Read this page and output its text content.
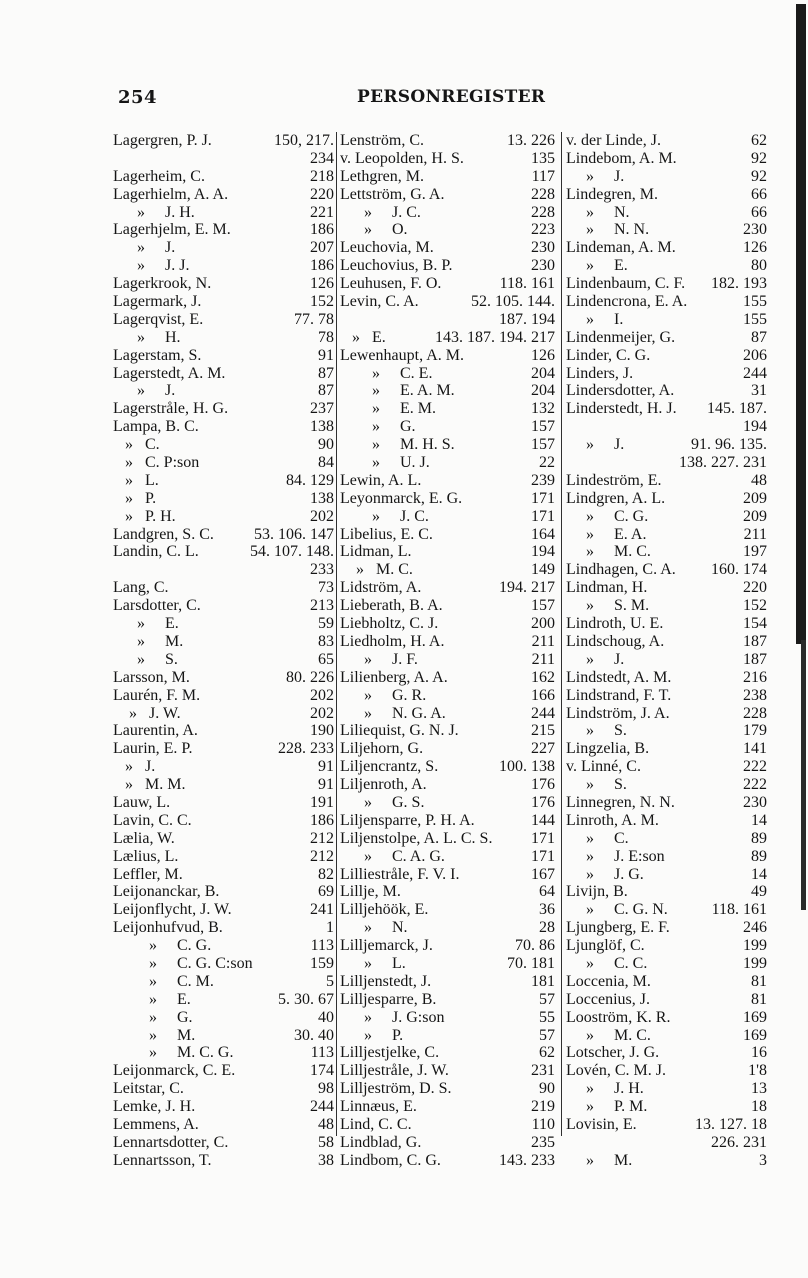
254	PERSONREGISTER
Lagergren, P. J.	150, 217.
234
Lagerheim, C.	218
Lagerhielm, A. A.	220
»     J. H.	221
Lagerhjelm, E. M.	186
»     J.	207
»     J. J.	186
Lagerkrook, N.	126
Lagermark, J.	152
Lagerqvist, E.	77. 78
»     H.	78
Lagerstam, S.	91
Lagerstedt, A. M.	87
»     J.	87
Lagerstråle, H. G.	237
Lampa, B. C.	138
»   C.	90
»   C. P:son	84
»   L.	84. 129
»   P.	138
»   P. H.	202
Landgren, S. C.	53. 106. 147
Landin, C. L.	54. 107. 148.
233
Lang, C.	73
Larsdotter, C.	213
»     E.	59
»     M.	83
»     S.	65
Larsson, M.	80. 226
Laurén, F. M.	202
»   J. W.	202
Laurentin, A.	190
Laurin, E. P.	228. 233
»   J.	91
»   M. M.	91
Lauw, L.	191
Lavin, C. C.	186
Lælia, W.	212
Lælius, L.	212
Leffler, M.	82
Leijonanckar, B.	69
Leijonflycht, J. W.	241
Leijonhufvud, B.	1
»     C. G.	113
»     C. G. C:son	159
»     C. M.	5
»     E.	5. 30. 67
»     G.	40
»     M.	30. 40
»     M. C. G.	113
Leijonmarck, C. E.	174
Leitstar, C.	98
Lemke, J. H.	244
Lemmens, A.	48
Lennartsdotter, C.	58
Lennartsson, T.	38
Lenström, C.	13. 226
v. Leopolden, H. S.	135
Lethgren, M.	117
Lettström, G. A.	228
»     J. C.	228
»     O.	223
Leuchovia, M.	230
Leuchovius, B. P.	230
Leuhusen, F. O.	118. 161
Levin, C. A.	52. 105. 144.
187. 194
»   E.	143. 187. 194. 217
Lewenhaupt, A. M.	126
»     C. E.	204
»     E. A. M.	204
»     E. M.	132
»     G.	157
»     M. H. S.	157
»     U. J.	22
Lewin, A. L.	239
Leyonmarck, E. G.	171
»     J. C.	171
Libelius, E. C.	164
Lidman, L.	194
»   M. C.	149
Lidström, A.	194. 217
Lieberath, B. A.	157
Liebholtz, C. J.	200
Liedholm, H. A.	211
»     J. F.	211
Lilienberg, A. A.	162
»     G. R.	166
»     N. G. A.	244
Liliequist, G. N. J.	215
Liljehorn, G.	227
Liljencrantz, S.	100. 138
Liljenroth, A.	176
»     G. S.	176
Liljensparre, P. H. A.	144
Liljenstolpe, A. L. C. S.	171
»     C. A. G.	171
Lilliestråle, F. V. I.	167
Lillje, M.	64
Lilljehöök, E.	36
»     N.	28
Lilljemarck, J.	70. 86
»     L.	70. 181
Lilljenstedt, J.	181
Lilljesparre, B.	57
»     J. G:son	55
»     P.	57
Lilljestjelke, C.	62
Lilljestråle, J. W.	231
Lilljeström, D. S.	90
Linnæus, E.	219
Lind, C. C.	110
Lindblad, G.	235
Lindbom, C. G.	143. 233
v. der Linde, J.	62
Lindebom, A. M.	92
»     J.	92
Lindegren, M.	66
»     N.	66
»     N. N.	230
Lindeman, A. M.	126
»     E.	80
Lindenbaum, C. F.	182. 193
Lindencrona, E. A.	155
»     I.	155
Lindenmeijer, G.	87
Linder, C. G.	206
Linders, J.	244
Lindersdotter, A.	31
Linderstedt, H. J.	145. 187.
194
»     J.	91. 96. 135.
138. 227. 231
Lindeström, E.	48
Lindgren, A. L.	209
»     C. G.	209
»     E. A.	211
»     M. C.	197
Lindhagen, C. A.	160. 174
Lindman, H.	220
»     S. M.	152
Lindroth, U. E.	154
Lindschoug, A.	187
»     J.	187
Lindstedt, A. M.	216
Lindstrand, F. T.	238
Lindström, J. A.	228
»     S.	179
Lingzelia, B.	141
v. Linné, C.	222
»     S.	222
Linnegren, N. N.	230
Linroth, A. M.	14
»     C.	89
»     J. E:son	89
»     J. G.	14
Livijn, B.	49
»     C. G. N.	118. 161
Ljungberg, E. F.	246
Ljunglöf, C.	199
»     C. C.	199
Loccenia, M.	81
Loccenius, J.	81
Looström, K. R.	169
»     M. C.	169
Lotscher, J. G.	16
Lovén, C. M. J.	1'8
»     J. H.	13
»     P. M.	18
Lovisin, E.	13. 127. 18
226. 231
»     M.	3
